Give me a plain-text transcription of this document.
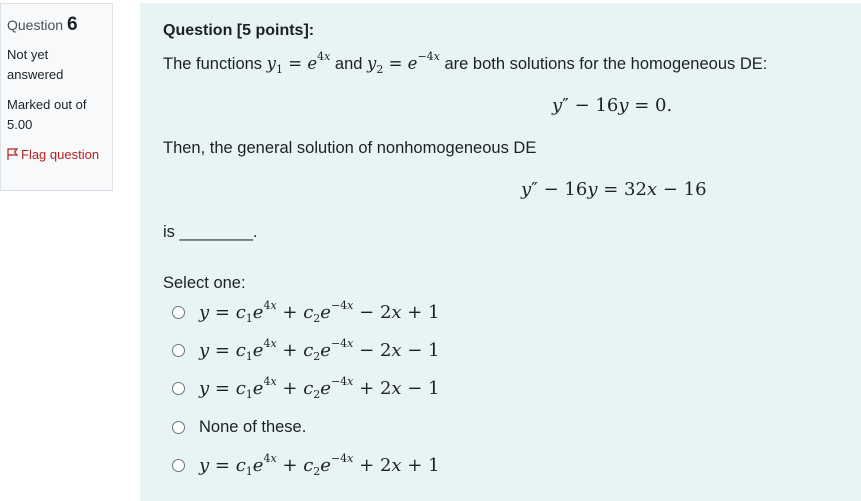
Question 6
Not yet answered
Marked out of 5.00
Flag question
Question [5 points]:
The functions $y_1 = e^{4x}$ and $y_2 = e^{-4x}$ are both solutions for the homogeneous DE:
y″ − 16y = 0.
Then, the general solution of nonhomogeneous DE
y″ − 16y = 32x − 16
is ________.
Select one:
$y = c_1e^{4x} + c_2e^{-4x} - 2x + 1$
$y = c_1e^{4x} + c_2e^{-4x} - 2x - 1$
$y = c_1e^{4x} + c_2e^{-4x} + 2x - 1$
None of these.
$y = c_1e^{4x} + c_2e^{-4x} + 2x + 1$
